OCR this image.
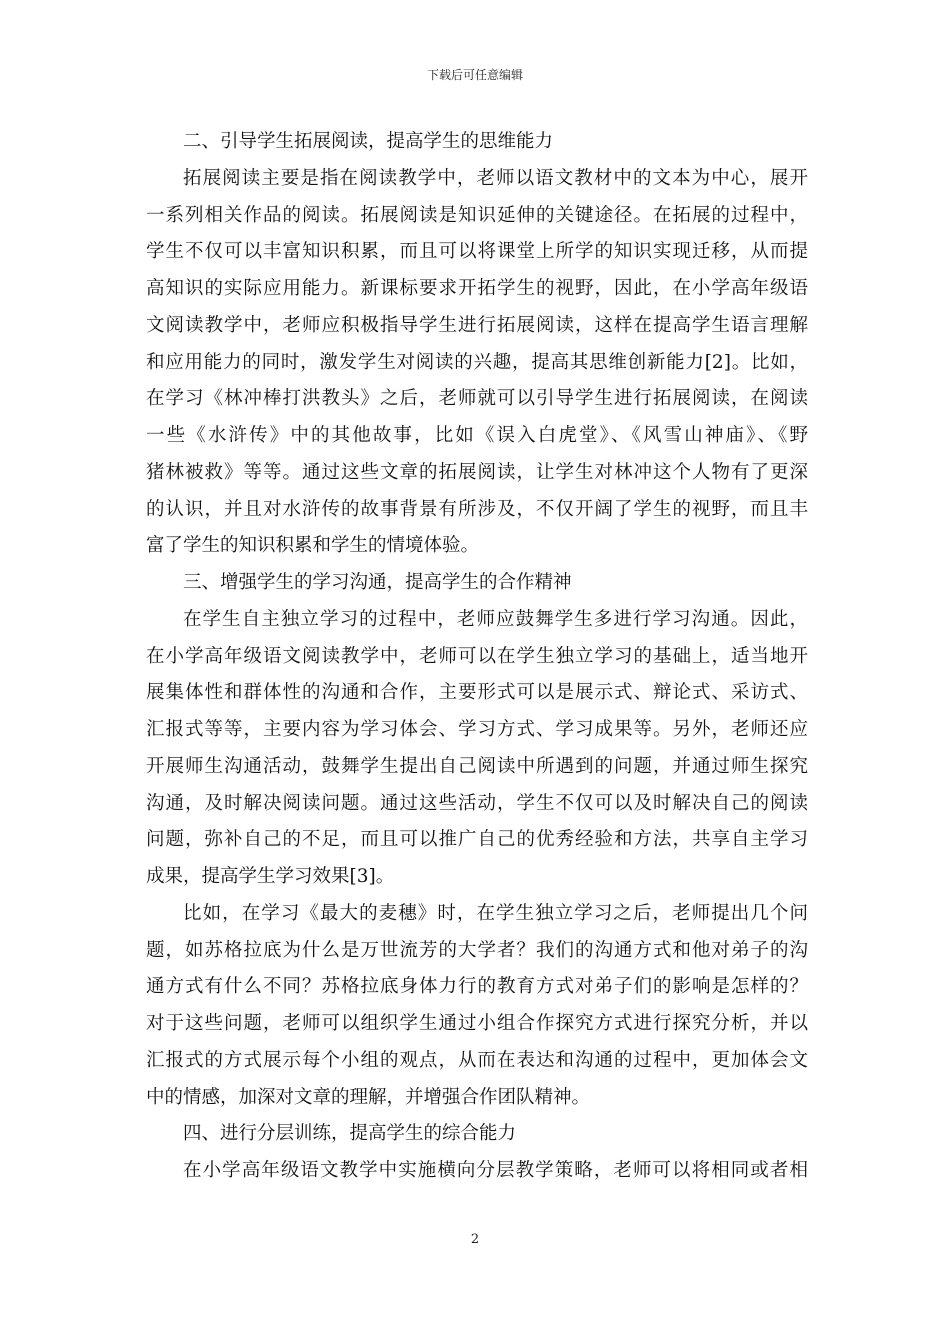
下载后可任意编辑
二、引导学生拓展阅读，提高学生的思维能力
拓展阅读主要是指在阅读教学中，老师以语文教材中的文本为中心，展开
一系列相关作品的阅读。拓展阅读是知识延伸的关键途径。在拓展的过程中，
学生不仅可以丰富知识积累，而且可以将课堂上所学的知识实现迁移，从而提
高知识的实际应用能力。新课标要求开拓学生的视野，因此，在小学高年级语
文阅读教学中，老师应积极指导学生进行拓展阅读，这样在提高学生语言理解
和应用能力的同时，激发学生对阅读的兴趣，提高其思维创新能力[2]。比如，
在学习《林冲棒打洪教头》之后，老师就可以引导学生进行拓展阅读，在阅读
一些《水浒传》中的其他故事，比如《误入白虎堂》、《风雪山神庙》、《野
猪林被救》等等。通过这些文章的拓展阅读，让学生对林冲这个人物有了更深
的认识，并且对水浒传的故事背景有所涉及，不仅开阔了学生的视野，而且丰
富了学生的知识积累和学生的情境体验。
三、增强学生的学习沟通，提高学生的合作精神
在学生自主独立学习的过程中，老师应鼓舞学生多进行学习沟通。因此，
在小学高年级语文阅读教学中，老师可以在学生独立学习的基础上，适当地开
展集体性和群体性的沟通和合作，主要形式可以是展示式、辩论式、采访式、
汇报式等等，主要内容为学习体会、学习方式、学习成果等。另外，老师还应
开展师生沟通活动，鼓舞学生提出自己阅读中所遇到的问题，并通过师生探究
沟通，及时解决阅读问题。通过这些活动，学生不仅可以及时解决自己的阅读
问题，弥补自己的不足，而且可以推广自己的优秀经验和方法，共享自主学习
成果，提高学生学习效果[3]。
比如，在学习《最大的麦穗》时，在学生独立学习之后，老师提出几个问
题，如苏格拉底为什么是万世流芳的大学者？我们的沟通方式和他对弟子的沟
通方式有什么不同？苏格拉底身体力行的教育方式对弟子们的影响是怎样的？
对于这些问题，老师可以组织学生通过小组合作探究方式进行探究分析，并以
汇报式的方式展示每个小组的观点，从而在表达和沟通的过程中，更加体会文
中的情感，加深对文章的理解，并增强合作团队精神。
四、进行分层训练，提高学生的综合能力
在小学高年级语文教学中实施横向分层教学策略，老师可以将相同或者相
2
